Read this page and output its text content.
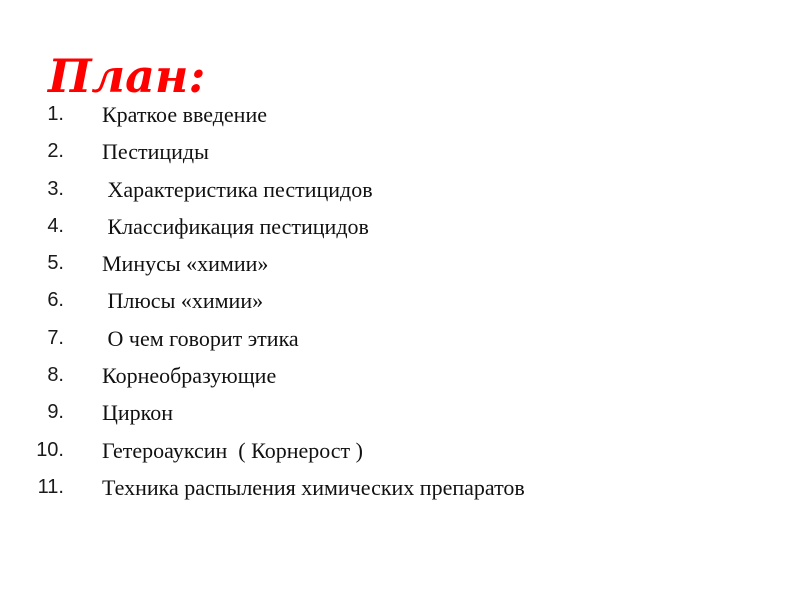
План:
1. Краткое введение
2. Пестициды
3. Характеристика пестицидов
4. Классификация пестицидов
5. Минусы «химии»
6. Плюсы «химии»
7. О чем говорит этика
8. Корнеобразующие
9. Циркон
10. Гетероауксин  ( Корнерост )
11. Техника распыления химических препаратов
